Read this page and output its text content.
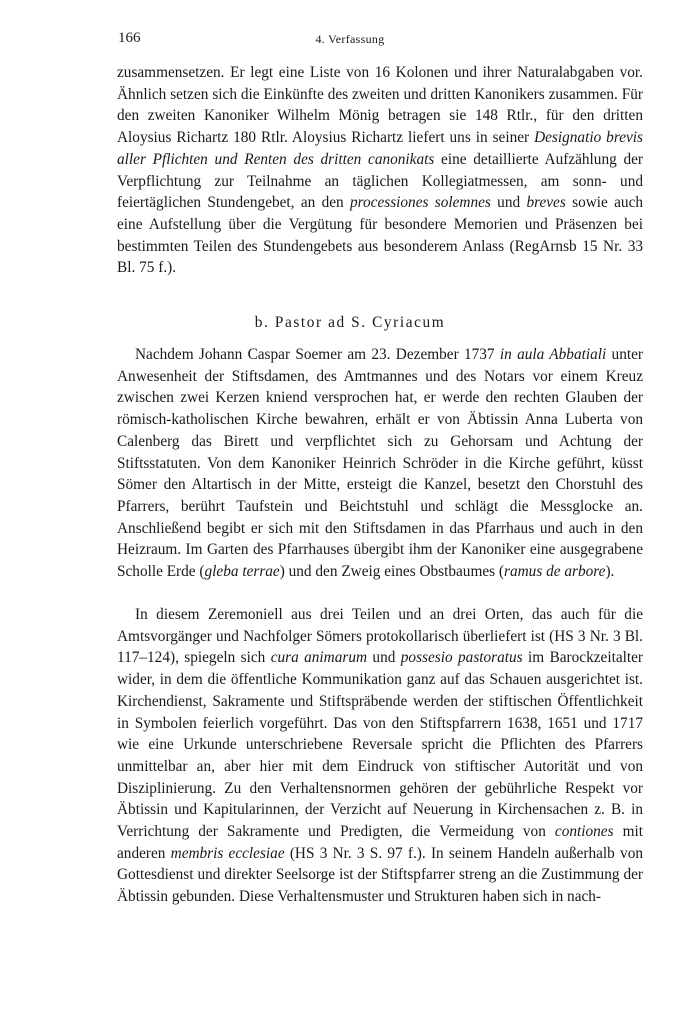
166	4. Verfassung

zusammensetzen. Er legt eine Liste von 16 Kolonen und ihrer Naturalabgaben vor. Ähnlich setzen sich die Einkünfte des zweiten und dritten Kanonikers zusammen. Für den zweiten Kanoniker Wilhelm Mönig betragen sie 148 Rtlr., für den dritten Aloysius Richartz 180 Rtlr. Aloysius Richartz liefert uns in seiner Designatio brevis aller Pflichten und Renten des dritten canonikats eine detaillierte Aufzählung der Verpflichtung zur Teilnahme an täglichen Kollegiatmessen, am sonn- und feiertäglichen Stundengebet, an den processiones solemnes und breves sowie auch eine Aufstellung über die Vergütung für besondere Memorien und Präsenzen bei bestimmten Teilen des Stundengebets aus besonderem Anlass (RegArnsb 15 Nr. 33 Bl. 75 f.).

b. Pastor ad S. Cyriacum

Nachdem Johann Caspar Soemer am 23. Dezember 1737 in aula Abbatiali unter Anwesenheit der Stiftsdamen, des Amtmannes und des Notars vor einem Kreuz zwischen zwei Kerzen kniend versprochen hat, er werde den rechten Glauben der römisch-katholischen Kirche bewahren, erhält er von Äbtissin Anna Luberta von Calenberg das Birett und verpflichtet sich zu Gehorsam und Achtung der Stiftsstatuten. Von dem Kanoniker Heinrich Schröder in die Kirche geführt, küsst Sömer den Altartisch in der Mitte, ersteigt die Kanzel, besetzt den Chorstuhl des Pfarrers, berührt Taufstein und Beichtstuhl und schlägt die Messglocke an. Anschließend begibt er sich mit den Stiftsdamen in das Pfarrhaus und auch in den Heizraum. Im Garten des Pfarrhauses übergibt ihm der Kanoniker eine ausgegrabene Scholle Erde (gleba terrae) und den Zweig eines Obstbaumes (ramus de arbore).

In diesem Zeremoniell aus drei Teilen und an drei Orten, das auch für die Amtsvorgänger und Nachfolger Sömers protokollarisch überliefert ist (HS 3 Nr. 3 Bl. 117–124), spiegeln sich cura animarum und possesio pastoratus im Barockzeitalter wider, in dem die öffentliche Kommunikation ganz auf das Schauen ausgerichtet ist. Kirchendienst, Sakramente und Stiftspräbende werden der stiftischen Öffentlichkeit in Symbolen feierlich vorgeführt. Das von den Stiftspfarrern 1638, 1651 und 1717 wie eine Urkunde unterschriebene Reversale spricht die Pflichten des Pfarrers unmittelbar an, aber hier mit dem Eindruck von stiftischer Autorität und von Disziplinierung. Zu den Verhaltensnormen gehören der gebührliche Respekt vor Äbtissin und Kapitularinnen, der Verzicht auf Neuerung in Kirchensachen z. B. in Verrichtung der Sakramente und Predigten, die Vermeidung von contiones mit anderen membris ecclesiae (HS 3 Nr. 3 S. 97 f.). In seinem Handeln außerhalb von Gottesdienst und direkter Seelsorge ist der Stiftspfarrer streng an die Zustimmung der Äbtissin gebunden. Diese Verhaltensmuster und Strukturen haben sich in nach-
